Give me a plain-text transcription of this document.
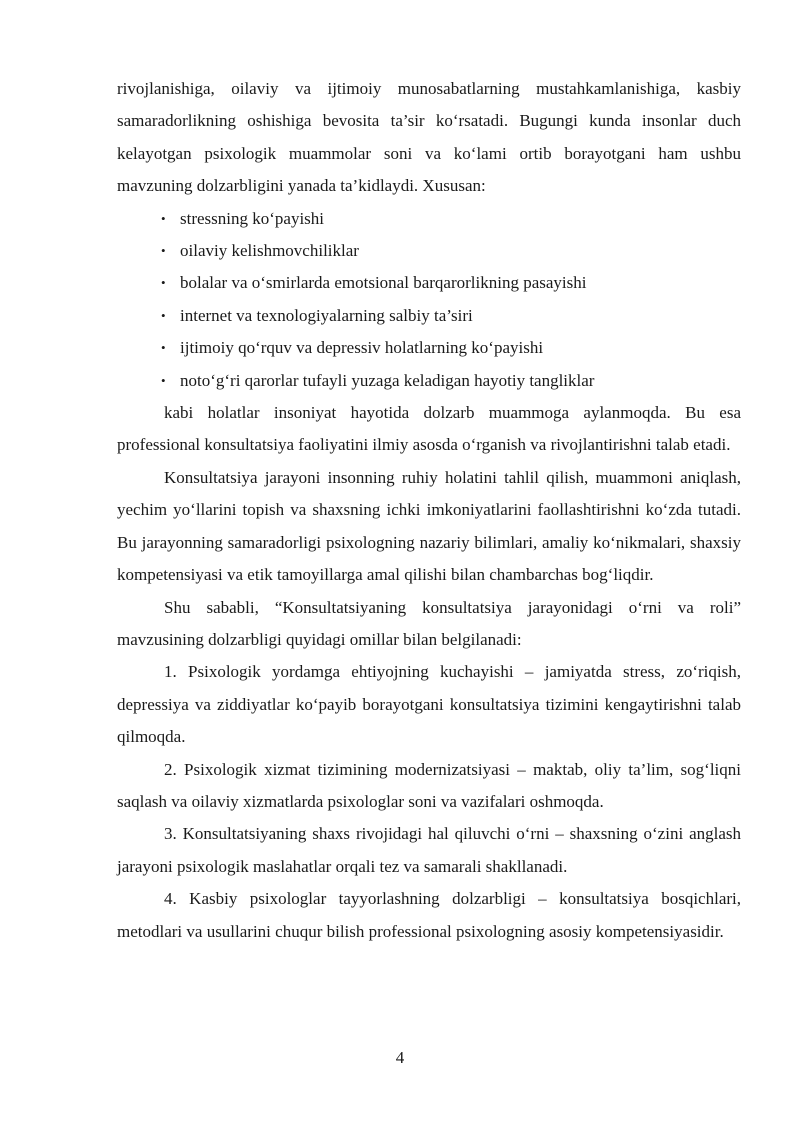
rivojlanishiga, oilaviy va ijtimoiy munosabatlarning mustahkamlanishiga, kasbiy samaradorlikning oshishiga bevosita ta’sir ko‘rsatadi. Bugungi kunda insonlar duch kelayotgan psixologik muammolar soni va ko‘lami ortib borayotgani ham ushbu mavzuning dolzarbligini yanada ta’kidlaydi. Xususan:

• stressning ko‘payishi
• oilaviy kelishmovchiliklar
• bolalar va o‘smirlarda emotsional barqarorlikning pasayishi
• internet va texnologiyalarning salbiy ta’siri
• ijtimoiy qo‘rquv va depressiv holatlarning ko‘payishi
• noto‘g‘ri qarorlar tufayli yuzaga keladigan hayotiy tangliklar

kabi holatlar insoniyat hayotida dolzarb muammoga aylanmoqda. Bu esa professional konsultatsiya faoliyatini ilmiy asosda o‘rganish va rivojlantirishni talab etadi.

Konsultatsiya jarayoni insonning ruhiy holatini tahlil qilish, muammoni aniqlash, yechim yo‘llarini topish va shaxsning ichki imkoniyatlarini faollashtirishni ko‘zda tutadi. Bu jarayonning samaradorligi psixologning nazariy bilimlari, amaliy ko‘nikmalari, shaxsiy kompetensiyasi va etik tamoyillarga amal qilishi bilan chambarchas bog‘liqdir.

Shu sababli, “Konsultatsiyaning konsultatsiya jarayonidagi o‘rni va roli” mavzusining dolzarbligi quyidagi omillar bilan belgilanadi:

1. Psixologik yordamga ehtiyojning kuchayishi – jamiyatda stress, zo‘riqish, depressiya va ziddiyatlar ko‘payib borayotgani konsultatsiya tizimini kengaytirishni talab qilmoqda.

2. Psixologik xizmat tizimining modernizatsiyasi – maktab, oliy ta’lim, sog‘liqni saqlash va oilaviy xizmatlarda psixologlar soni va vazifalari oshmoqda.

3. Konsultatsiyaning shaxs rivojidagi hal qiluvchi o‘rni – shaxsning o‘zini anglash jarayoni psixologik maslahatlar orqali tez va samarali shakllanadi.

4. Kasbiy psixologlar tayyorlashning dolzarbligi – konsultatsiya bosqichlari, metodlari va usullarini chuqur bilish professional psixologning asosiy kompetensiyasidir.

4
